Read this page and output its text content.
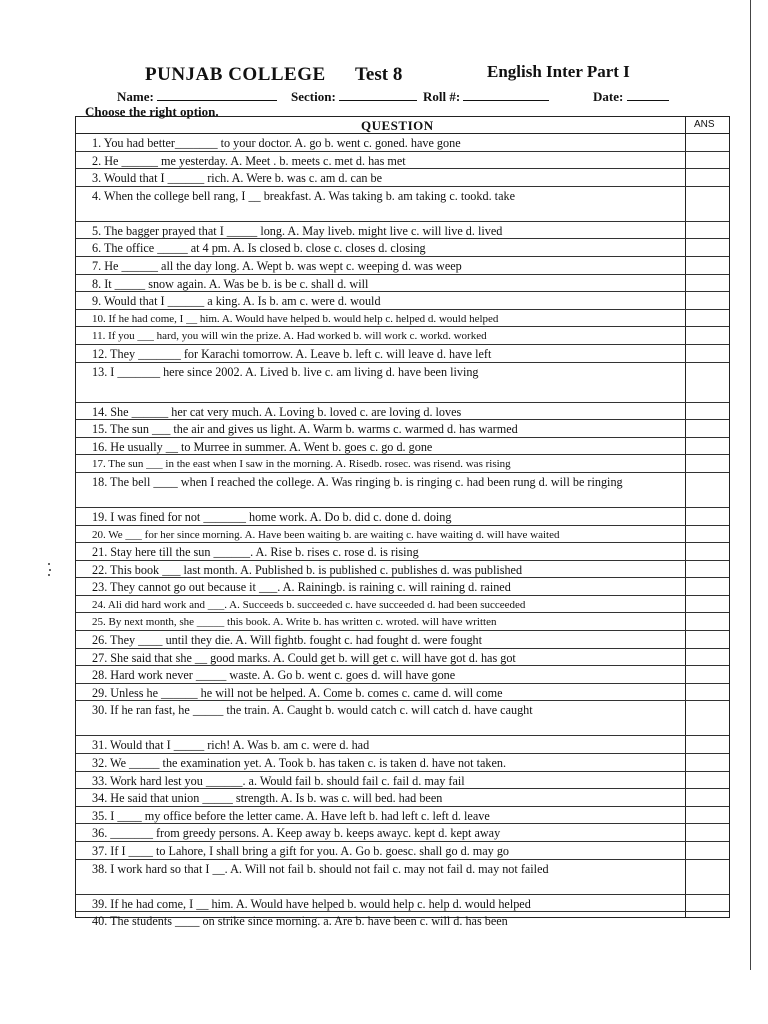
PUNJAB COLLEGE Test 8	English Inter Part I
Name:	Section:	Roll #:	Date:
Choose the right option.
QUESTION	ANS
1. You had better_______ to your doctor. A. go b. went c. goned. have gone
2. He ______ me yesterday. A. Meet . b. meets c. met d. has met
3. Would that I ______ rich. A. Were b. was c. am d. can be
4. When the college bell rang, I __ breakfast. A. Was taking b. am taking c. tookd. take
5. The bagger prayed that I _____ long. A. May liveb. might live c. will live d. lived
6. The office _____ at 4 pm. A. Is closed b. close c. closes d. closing
7. He ______ all the day long. A. Wept b. was wept c. weeping d. was weep
8. It _____ snow again. A. Was be b. is be c. shall d. will
9. Would that I ______ a king. A. Is b. am c. were d. would
10. If he had come, I __ him. A. Would have helped b. would help c. helped d. would helped
11. If you ___ hard, you will win the prize. A. Had worked b. will work c. workd. worked
12. They _______ for Karachi tomorrow. A. Leave b. left c. will leave d. have left
13. I _______ here since 2002. A. Lived b. live c. am living d. have been living
14. She ______ her cat very much. A. Loving b. loved c. are loving d. loves
15. The sun ___ the air and gives us light. A. Warm b. warms c. warmed d. has warmed
16. He usually __ to Murree in summer. A. Went b. goes c. go d. gone
17. The sun ___ in the east when I saw in the morning. A. Risedb. rosec. was risend. was rising
18. The bell ____ when I reached the college. A. Was ringing b. is ringing c. had been rung d. will be ringing
19. I was fined for not _______ home work. A. Do b. did c. done d. doing
20. We ___ for her since morning. A. Have been waiting b. are waiting c. have waiting d. will have waited
21. Stay here till the sun ______. A. Rise b. rises c. rose d. is rising
22. This book ___ last month. A. Published b. is published c. publishes d. was published
23. They cannot go out because it ___. A. Rainingb. is raining c. will raining d. rained
24. Ali did hard work and ___. A. Succeeds b. succeeded c. have succeeded d. had been succeeded
25. By next month, she _____ this book. A. Write b. has written c. wroted. will have written
26. They ____ until they die. A. Will fightb. fought c. had fought d. were fought
27. She said that she __ good marks. A. Could get b. will get c. will have got d. has got
28. Hard work never _____ waste. A. Go b. went c. goes d. will have gone
29. Unless he ______ he will not be helped. A. Come b. comes c. came d. will come
30. If he ran fast, he _____ the train. A. Caught b. would catch c. will catch d. have caught
31. Would that I _____ rich! A. Was b. am c. were d. had
32. We _____ the examination yet. A. Took b. has taken c. is taken d. have not taken.
33. Work hard lest you ______. a. Would fail b. should fail c. fail d. may fail
34. He said that union _____ strength. A. Is b. was c. will bed. had been
35. I ____ my office before the letter came. A. Have left b. had left c. left d. leave
36. _______ from greedy persons. A. Keep away b. keeps awayc. kept d. kept away
37. If I ____ to Lahore, I shall bring a gift for you. A. Go b. goesc. shall go d. may go
38. I work hard so that I __. A. Will not fail b. should not fail c. may not fail d. may not failed
39. If he had come, I __ him. A. Would have helped b. would help c. help d. would helped
40. The students ____ on strike since morning. a. Are b. have been c. will d. has been
